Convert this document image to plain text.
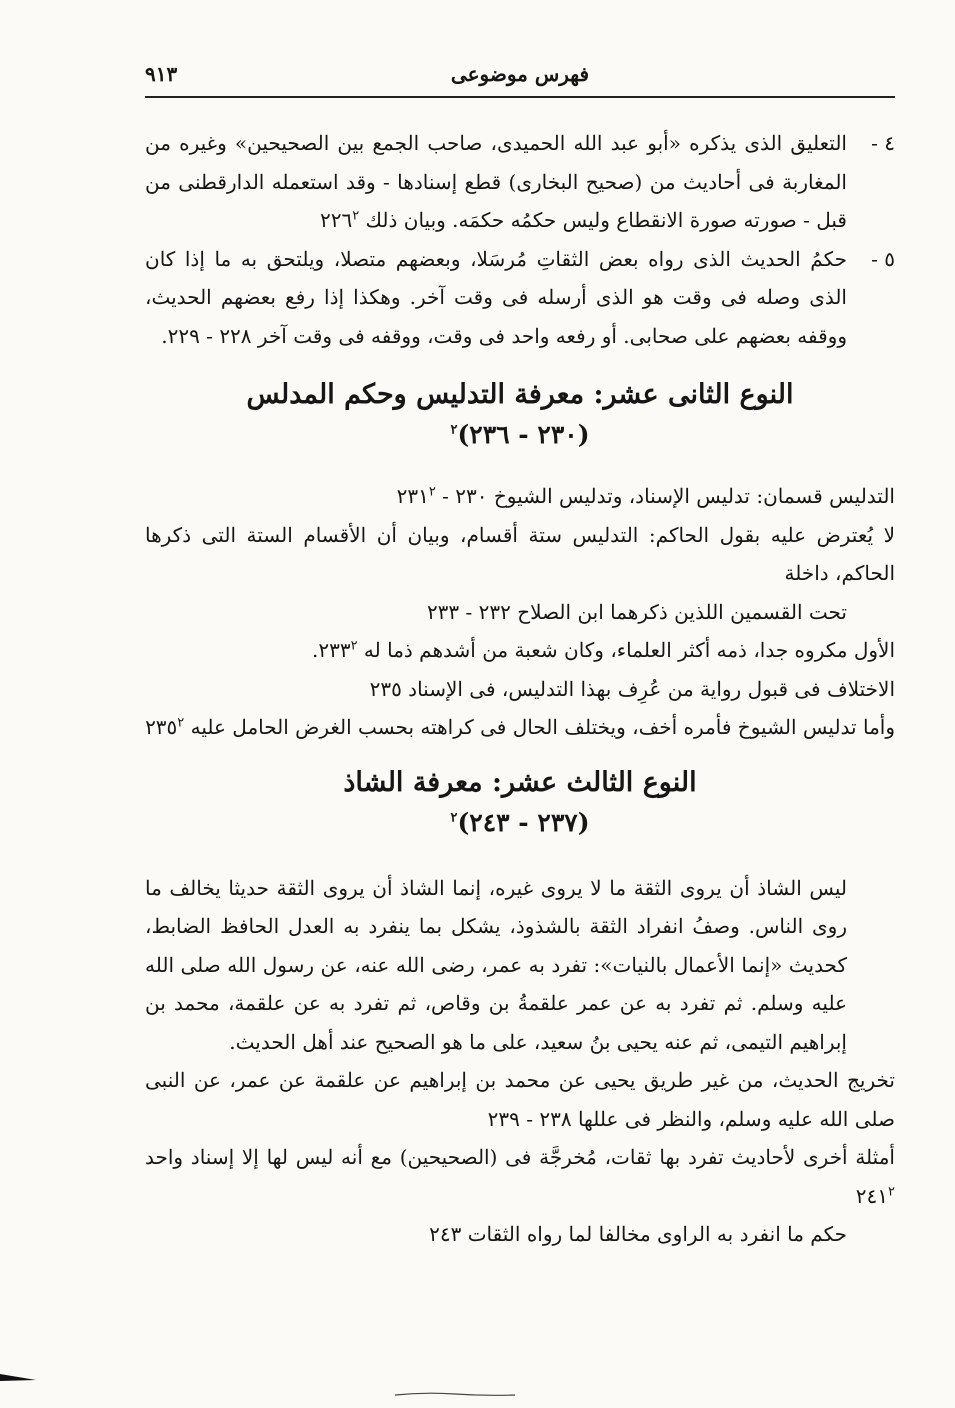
فهرس موضوعى
٩١٣

٤ -
التعليق الذى يذكره «أبو عبد الله الحميدى، صاحب الجمع بين الصحيحين» وغيره من المغاربة فى أحاديث من (صحيح البخارى) قطع إسنادها - وقد استعمله الدارقطنى من قبل - صورته صورة الانقطاع وليس حكمُه حكمَه. وبيان ذلك $٢٢٦^٢$

٥ -
حكمُ الحديث الذى رواه بعض الثقاتِ مُرسَلا، وبعضهم متصلا، ويلتحق به ما إذا كان الذى وصله فى وقت هو الذى أرسله فى وقت آخر. وهكذا إذا رفع بعضهم الحديث، ووقفه بعضهم على صحابى. أو رفعه واحد فى وقت، ووقفه فى وقت آخر ٢٢٨ - ٢٢٩.

النوع الثانى عشر: معرفة التدليس وحكم المدلس

(٢٣٠ - ٢٣٦)$^٢$

التدليس قسمان: تدليس الإسناد، وتدليس الشيوخ ٢٣٠ - $٢٣١^٢$

لا يُعترض عليه بقول الحاكم: التدليس ستة أقسام، وبيان أن الأقسام الستة التى ذكرها الحاكم، داخلة

تحت القسمين اللذين ذكرهما ابن الصلاح ٢٣٢ - ٢٣٣

الأول مكروه جدا، ذمه أكثر العلماء، وكان شعبة من أشدهم ذما له $٢٣٣^٢$.

الاختلاف فى قبول رواية من عُرِف بهذا التدليس، فى الإسناد ٢٣٥

وأما تدليس الشيوخ فأمره أخف، ويختلف الحال فى كراهته بحسب الغرض الحامل عليه $٢٣٥^٢$

النوع الثالث عشر: معرفة الشاذ

(٢٣٧ - ٢٤٣)$^٢$

ليس الشاذ أن يروى الثقة ما لا يروى غيره، إنما الشاذ أن يروى الثقة حديثا يخالف ما روى الناس. وصفُ انفراد الثقة بالشذوذ، يشكل بما ينفرد به العدل الحافظ الضابط، كحديث «إنما الأعمال بالنيات»: تفرد به عمر، رضى الله عنه، عن رسول الله صلى الله عليه وسلم. ثم تفرد به عن عمر علقمةُ بن وقاص، ثم تفرد به عن علقمة، محمد بن إبراهيم التيمى، ثم عنه يحيى بنُ سعيد، على ما هو الصحيح عند أهل الحديث.

تخريج الحديث، من غير طريق يحيى عن محمد بن إبراهيم عن علقمة عن عمر، عن النبى صلى الله عليه وسلم، والنظر فى عللها ٢٣٨ - ٢٣٩

أمثلة أخرى لأحاديث تفرد بها ثقات، مُخرجَّة فى (الصحيحين) مع أنه ليس لها إلا إسناد واحد $٢٤١^٢$

حكم ما انفرد به الراوى مخالفا لما رواه الثقات ٢٤٣
